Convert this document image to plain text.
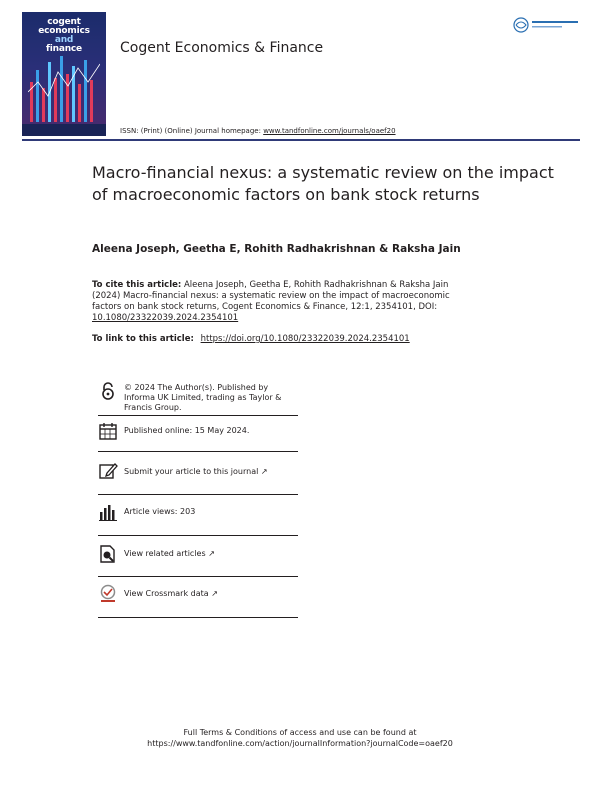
cogent
economics
and
finance	Cogent Economics & Finance
ISSN: (Print) (Online) Journal homepage: www.tandfonline.com/journals/oaef20
Macro-financial nexus: a systematic review on the impact of macroeconomic factors on bank stock returns
Aleena Joseph, Geetha E, Rohith Radhakrishnan & Raksha Jain
To cite this article: Aleena Joseph, Geetha E, Rohith Radhakrishnan & Raksha Jain (2024) Macro-financial nexus: a systematic review on the impact of macroeconomic factors on bank stock returns, Cogent Economics & Finance, 12:1, 2354101, DOI: 10.1080/23322039.2024.2354101
To link to this article: https://doi.org/10.1080/23322039.2024.2354101
© 2024 The Author(s). Published by Informa UK Limited, trading as Taylor & Francis Group.
Published online: 15 May 2024.
Submit your article to this journal ↗
Article views: 203
View related articles ↗
View Crossmark data ↗
Full Terms & Conditions of access and use can be found at
https://www.tandfonline.com/action/journalInformation?journalCode=oaef20
